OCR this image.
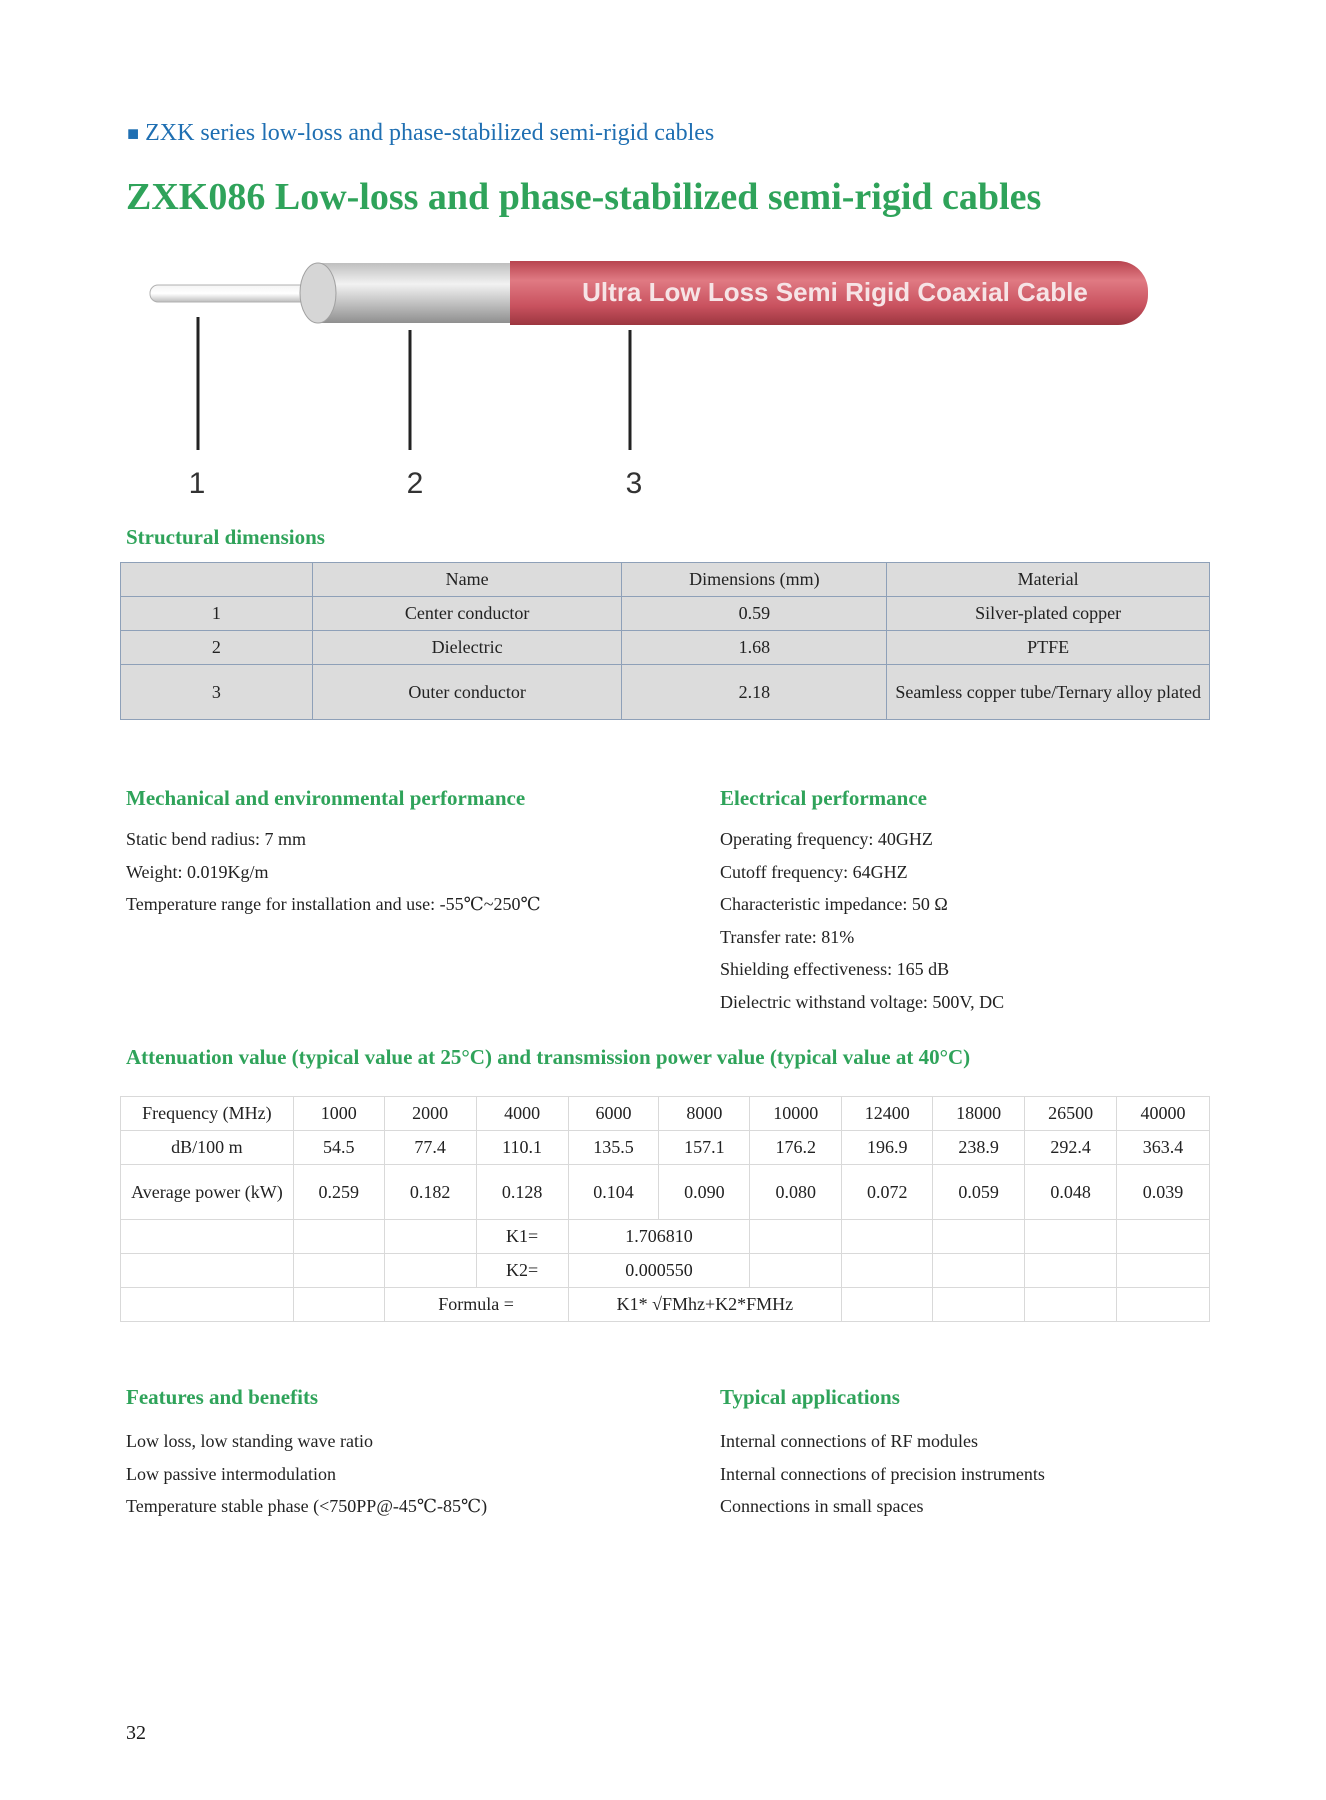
■ ZXK series low-loss and phase-stabilized semi-rigid cables
ZXK086 Low-loss and phase-stabilized semi-rigid cables
Ultra Low Loss Semi Rigid Coaxial Cable
1	2	3
Structural dimensions
	Name	Dimensions (mm)	Material
1	Center conductor	0.59	Silver-plated copper
2	Dielectric	1.68	PTFE
3	Outer conductor	2.18	Seamless copper tube/Ternary alloy plated
Mechanical and environmental performance
Static bend radius: 7 mm
Weight: 0.019Kg/m
Temperature range for installation and use: -55℃~250℃
Electrical performance
Operating frequency: 40GHZ
Cutoff frequency: 64GHZ
Characteristic impedance: 50 Ω
Transfer rate: 81%
Shielding effectiveness: 165 dB
Dielectric withstand voltage: 500V, DC
Attenuation value (typical value at 25°C) and transmission power value (typical value at 40°C)
Frequency (MHz)	1000	2000	4000	6000	8000	10000	12400	18000	26500	40000
dB/100 m	54.5	77.4	110.1	135.5	157.1	176.2	196.9	238.9	292.4	363.4
Average power (kW)	0.259	0.182	0.128	0.104	0.090	0.080	0.072	0.059	0.048	0.039
			K1=	1.706810						
			K2=	0.000550						
		Formula =		K1* √FMhz+K2*FMHz						
Features and benefits
Low loss, low standing wave ratio
Low passive intermodulation
Temperature stable phase (<750PP@-45℃-85℃)
Typical applications
Internal connections of RF modules
Internal connections of precision instruments
Connections in small spaces
32
